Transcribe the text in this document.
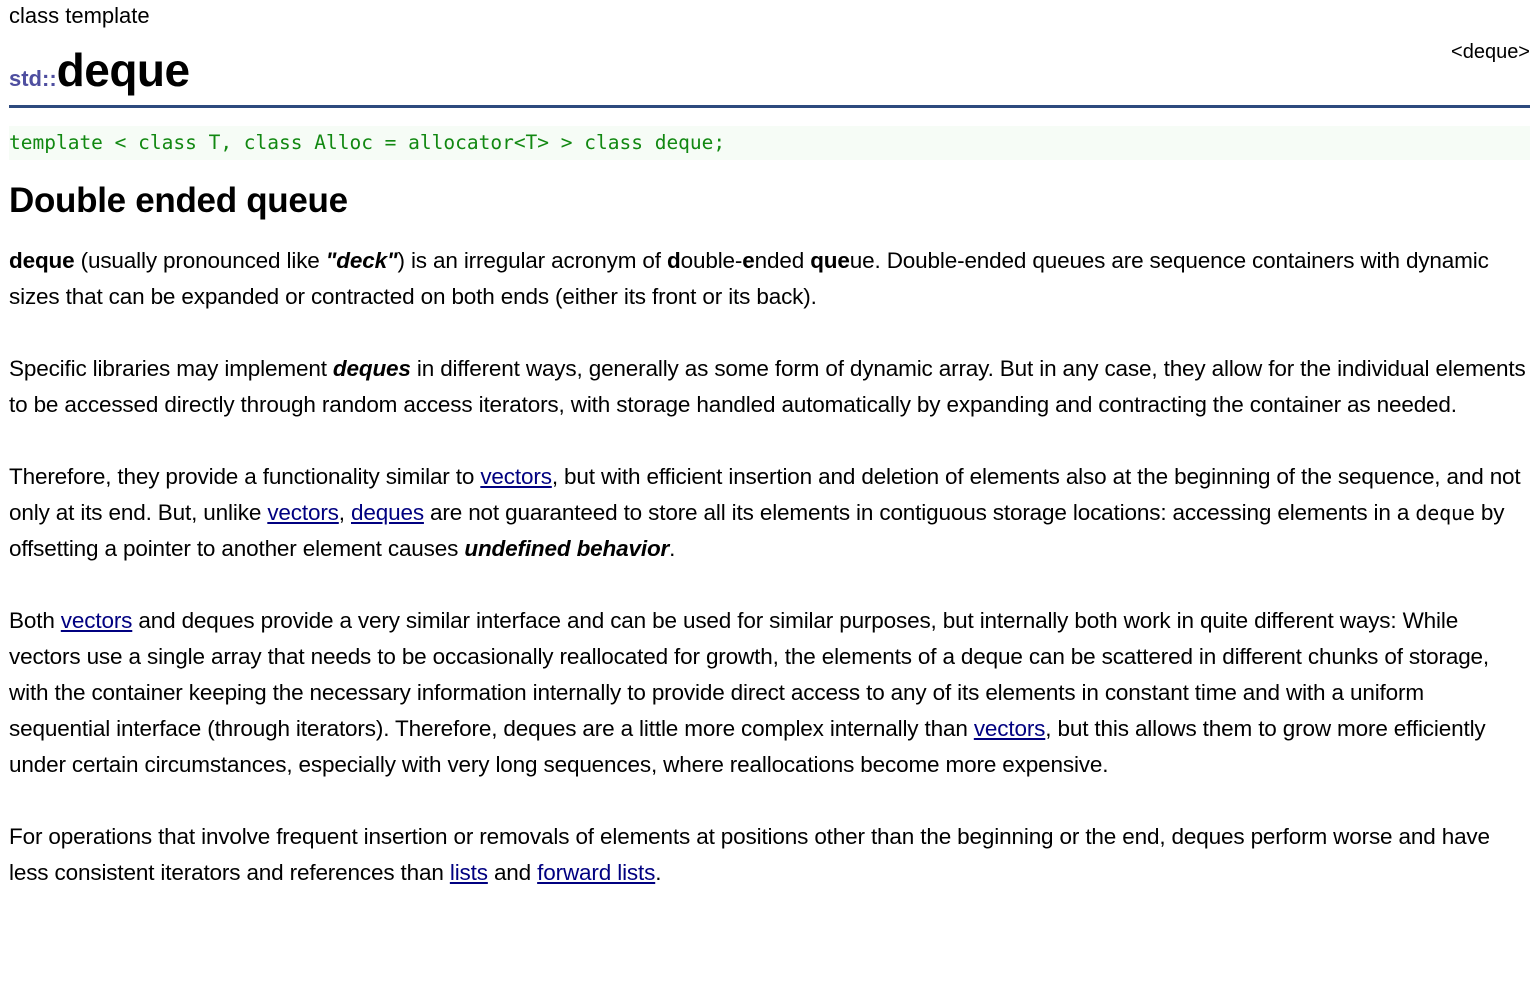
class template
<deque>
std::deque
template < class T, class Alloc = allocator<T> > class deque;
Double ended queue

deque (usually pronounced like "deck") is an irregular acronym of double-ended queue. Double-ended queues are sequence containers with dynamic sizes that can be expanded or contracted on both ends (either its front or its back).

Specific libraries may implement deques in different ways, generally as some form of dynamic array. But in any case, they allow for the individual elements to be accessed directly through random access iterators, with storage handled automatically by expanding and contracting the container as needed.

Therefore, they provide a functionality similar to vectors, but with efficient insertion and deletion of elements also at the beginning of the sequence, and not only at its end. But, unlike vectors, deques are not guaranteed to store all its elements in contiguous storage locations: accessing elements in a deque by offsetting a pointer to another element causes undefined behavior.

Both vectors and deques provide a very similar interface and can be used for similar purposes, but internally both work in quite different ways: While vectors use a single array that needs to be occasionally reallocated for growth, the elements of a deque can be scattered in different chunks of storage, with the container keeping the necessary information internally to provide direct access to any of its elements in constant time and with a uniform sequential interface (through iterators). Therefore, deques are a little more complex internally than vectors, but this allows them to grow more efficiently under certain circumstances, especially with very long sequences, where reallocations become more expensive.

For operations that involve frequent insertion or removals of elements at positions other than the beginning or the end, deques perform worse and have less consistent iterators and references than lists and forward lists.
